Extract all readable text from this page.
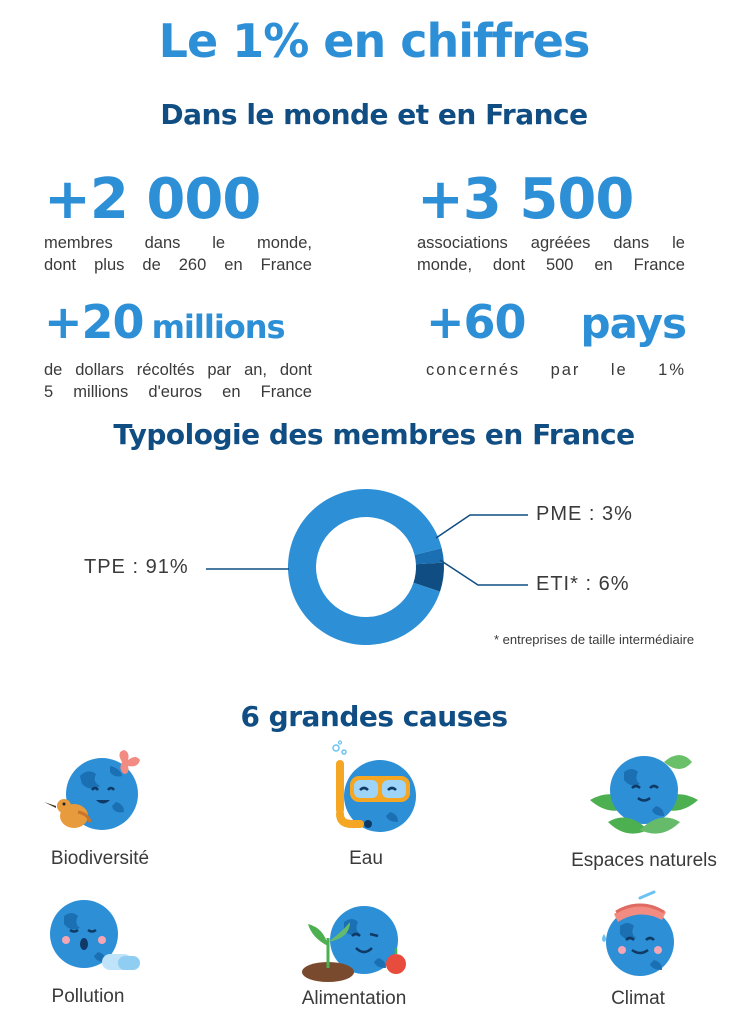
Le 1% en chiffres
Dans le monde et en France
+2 000
membres dans le monde,
dont plus de 260 en France
+3 500
associations agréées dans le
monde, dont 500 en France
+20 millions
de dollars récoltés par an, dont
5 millions d'euros en France
+60 pays
concernés par le 1%
Typologie des membres en France
TPE : 91%
PME : 3%
ETI* : 6%
* entreprises de taille intermédiaire
6 grandes causes
Biodiversité	Eau	Espaces naturels
Pollution	Alimentation	Climat
